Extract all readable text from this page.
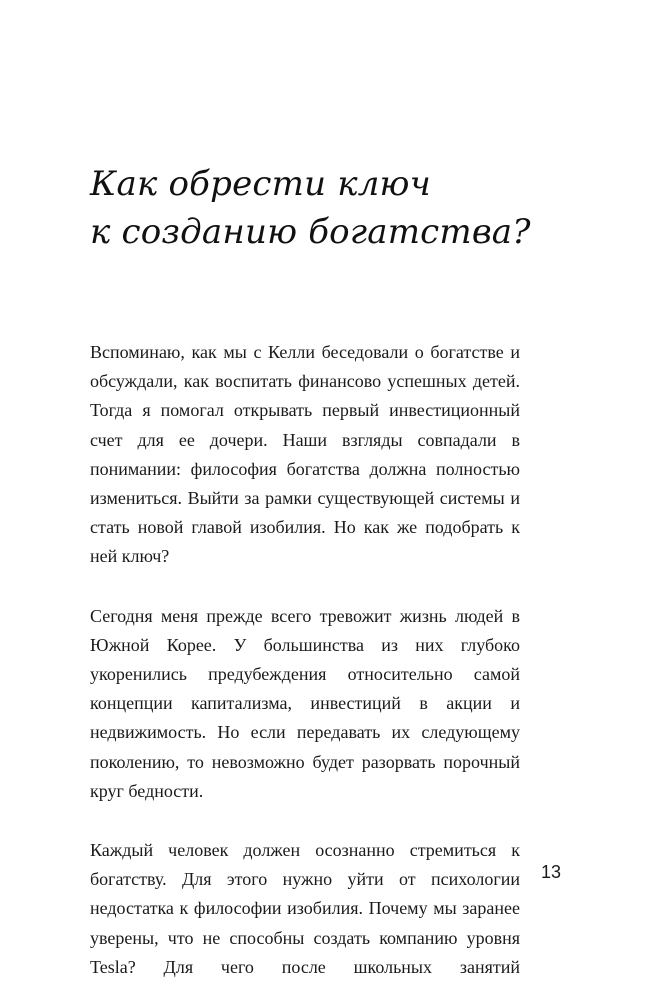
Как обрести ключ
к созданию богатства?

Вспоминаю, как мы с Келли беседовали о богатстве и обсуждали, как воспитать финансово успешных детей. Тогда я помогал открывать первый инвестиционный счет для ее дочери. Наши взгляды совпадали в понимании: философия богатства должна полностью измениться. Выйти за рамки существующей системы и стать новой главой изобилия. Но как же подобрать к ней ключ?

Сегодня меня прежде всего тревожит жизнь людей в Южной Корее. У большинства из них глубоко укоренились предубеждения относительно самой концепции капитализма, инвестиций в акции и недвижимость. Но если передавать их следующему поколению, то невозможно будет разорвать порочный круг бедности.

Каждый человек должен осознанно стремиться к богатству. Для этого нужно уйти от психологии недостатка к философии изобилия. Почему мы заранее уверены, что не способны создать компанию уровня Tesla? Для чего после школьных занятий

13
